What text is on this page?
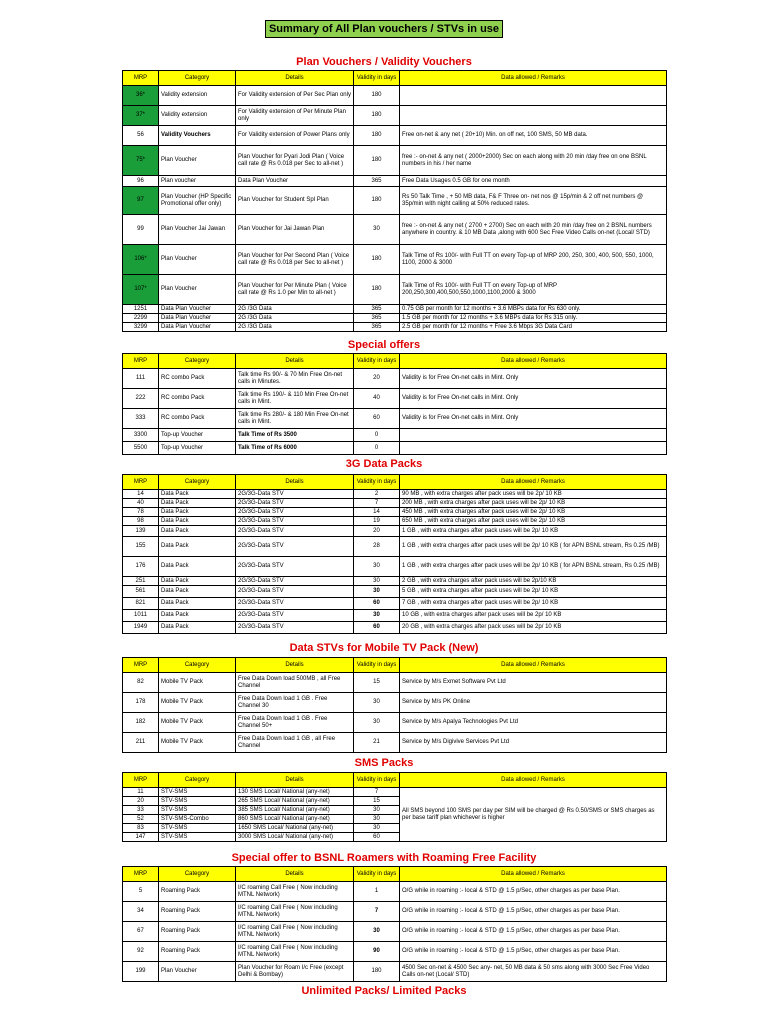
Summary of All Plan vouchers / STVs in use
Plan Vouchers / Validity Vouchers
MRP	Category	Details	Validity in days	Data allowed / Remarks
36*	Validity extension	For Validity extension of Per Sec Plan only	180	
37*	Validity extension	For Validity extension of Per Minute Plan only	180	
56	Validity Vouchers	For Validity extension of Power Plans only	180	Free on-net & any net ( 20+10) Min. on off net, 100 SMS, 50 MB data.
75*	Plan Voucher	Plan Voucher for Pyari Jodi Plan ( Voice call rate @ Rs 0.018 per Sec to all-net )	180	free :- on-net & any net ( 2000+2000) Sec on each along with 20 min /day free on one BSNL numbers in his / her name
96	Plan voucher	Data Plan Voucher	365	Free Data Usages 0.5 GB for one month
97	Plan Voucher (HP Specific Promotional offer only)	Plan Voucher for Student Spl Plan	180	Rs 50 Talk Time , + 50 MB data, F& F Three on- net nos @ 15p/min & 2 off net numbers @ 35p/min with night calling at 50% reduced rates.
99	Plan Voucher Jai Jawan	Plan Voucher for Jai Jawan Plan	30	free :- on-net & any net ( 2700 + 2700) Sec on each with 20 min /day free on 2 BSNL numbers anywhere in country. & 10 MB Data ,along with 600 Sec Free Video Calls on-net (Local/ STD)
106*	Plan Voucher	Plan Voucher for Per Second Plan ( Voice call rate @ Rs 0.018 per Sec to all-net )	180	Talk Time of Rs 100/- with Full TT on every Top-up of MRP 200, 250, 300, 400, 500, 550, 1000, 1100, 2000 & 3000
107*	Plan Voucher	Plan Voucher for Per Minute Plan ( Voice call rate @ Rs 1.0 per Min to all-net )	180	Talk Time of Rs 100/- with Full TT on every Top-up of MRP 200,250,300,400,500,550,1000,1100,2000 & 3000
1251	Data Plan Voucher	2G /3G Data	365	0.75 GB per month for 12 months + 3.6 MBPs data for Rs 630 only.
2299	Data Plan Voucher	2G /3G Data	365	1.5 GB per month for 12 months + 3.6 MBPs data for Rs 315 only.
3299	Data Plan Voucher	2G /3G Data	365	2.5 GB per month for 12 months + Free 3.6 Mbps 3G Data Card
Special offers
MRP	Category	Details	Validity in days	Data allowed / Remarks
111	RC combo Pack	Talk time Rs 90/- & 70 Min Free On-net calls in Minutes.	20	Validity is for Free On-net calls in Mint. Only
222	RC combo Pack	Talk time Rs 190/- & 110 Min Free On-net calls in Mint.	40	Validity is for Free On-net calls in Mint. Only
333	RC combo Pack	Talk time Rs 280/- & 180 Min Free On-net calls in Mint.	60	Validity is for Free On-net calls in Mint. Only
3300	Top-up Voucher	Talk Time of Rs 3500	0	
5500	Top-up Voucher	Talk Time of Rs 6000	0	
3G Data Packs
MRP	Category	Details	Validity in days	Data allowed / Remarks
14	Data Pack	2G/3G-Data STV	2	90 MB , with extra charges after pack uses will be 2p/ 10 KB
40	Data Pack	2G/3G-Data STV	7	200 MB , with extra charges after pack uses will be 2p/ 10 KB
78	Data Pack	2G/3G-Data STV	14	450 MB , with extra charges after pack uses will be 2p/ 10 KB
98	Data Pack	2G/3G-Data STV	19	650 MB , with extra charges after pack uses will be 2p/ 10 KB
139	Data Pack	2G/3G-Data STV	20	1 GB , with extra charges after pack uses will be 2p/ 10 KB
155	Data Pack	2G/3G-Data STV	28	1 GB , with extra charges after pack uses will be 2p/ 10 KB ( for APN BSNL stream, Rs 0.25 /MB)
176	Data Pack	2G/3G-Data STV	30	1 GB , with extra charges after pack uses will be 2p/ 10 KB ( for APN BSNL stream, Rs 0.25 /MB)
251	Data Pack	2G/3G-Data STV	30	2 GB , with extra charges after pack uses will be 2p/10 KB
561	Data Pack	2G/3G-Data STV	30	5 GB , with extra charges after pack uses will be 2p/ 10 KB
821	Data Pack	2G/3G-Data STV	60	7 GB , with extra charges after pack uses will be 2p/ 10 KB
1011	Data Pack	2G/3G-Data STV	30	10 GB , with extra charges after pack uses will be 2p/ 10 KB
1949	Data Pack	2G/3G-Data STV	60	20 GB , with extra charges after pack uses will be 2p/ 10 KB
Data STVs for Mobile TV Pack (New)
MRP	Category	Details	Validity in days	Data allowed / Remarks
82	Mobile TV Pack	Free Data Down load 500MB , all Free Channel	15	Service by M/s Exmet Software Pvt Ltd
178	Mobile TV Pack	Free Data Down load 1 GB . Free Channel 30	30	Service by M/s PK Online
182	Mobile TV Pack	Free Data Down load 1 GB . Free Channel 50+	30	Service by M/s Apalya Technologies Pvt Ltd
211	Mobile TV Pack	Free Data Down load 1 GB , all Free Channel	21	Service by M/s Digivive Services Pvt Ltd
SMS Packs
MRP	Category	Details	Validity in days	Data allowed / Remarks
11	STV-SMS	130 SMS Local/ National (any-net)	7	All SMS beyond 100 SMS per day per SIM will be charged @ Rs 0.50/SMS or SMS charges as per base tariff plan whichever is higher
20	STV-SMS	265 SMS Local/ National (any-net)	15	
33	STV-SMS	385 SMS Local/ National (any-net)	30	
52	STV-SMS-Combo	860 SMS Local/ National (any-net)	30	
83	STV-SMS	1650 SMS Local/ National (any-net)	30	
147	STV-SMS	3000 SMS Local/ National (any-net)	60	
Special offer to BSNL Roamers with Roaming Free Facility
MRP	Category	Details	Validity in days	Data allowed / Remarks
5	Roaming Pack	I/C roaming Call Free ( Now including MTNL Network)	1	O/G while in roaming :- local & STD @ 1.5 p/Sec, other charges as per base Plan.
34	Roaming Pack	I/C roaming Call Free ( Now including MTNL Network)	7	O/G while in roaming :- local & STD @ 1.5 p/Sec, other charges as per base Plan.
67	Roaming Pack	I/C roaming Call Free ( Now including MTNL Network)	30	O/G while in roaming :- local & STD @ 1.5 p/Sec, other charges as per base Plan.
92	Roaming Pack	I/C roaming Call Free ( Now including MTNL Network)	90	O/G while in roaming :- local & STD @ 1.5 p/Sec, other charges as per base Plan.
199	Plan Voucher	Plan Voucher for Roam I/c Free (except Delhi & Bombay)	180	4500 Sec on-net & 4500 Sec any- net, 50 MB data & 50 sms along with 3000 Sec Free Video Calls on-net (Local/ STD)
Unlimited Packs/ Limited Packs
